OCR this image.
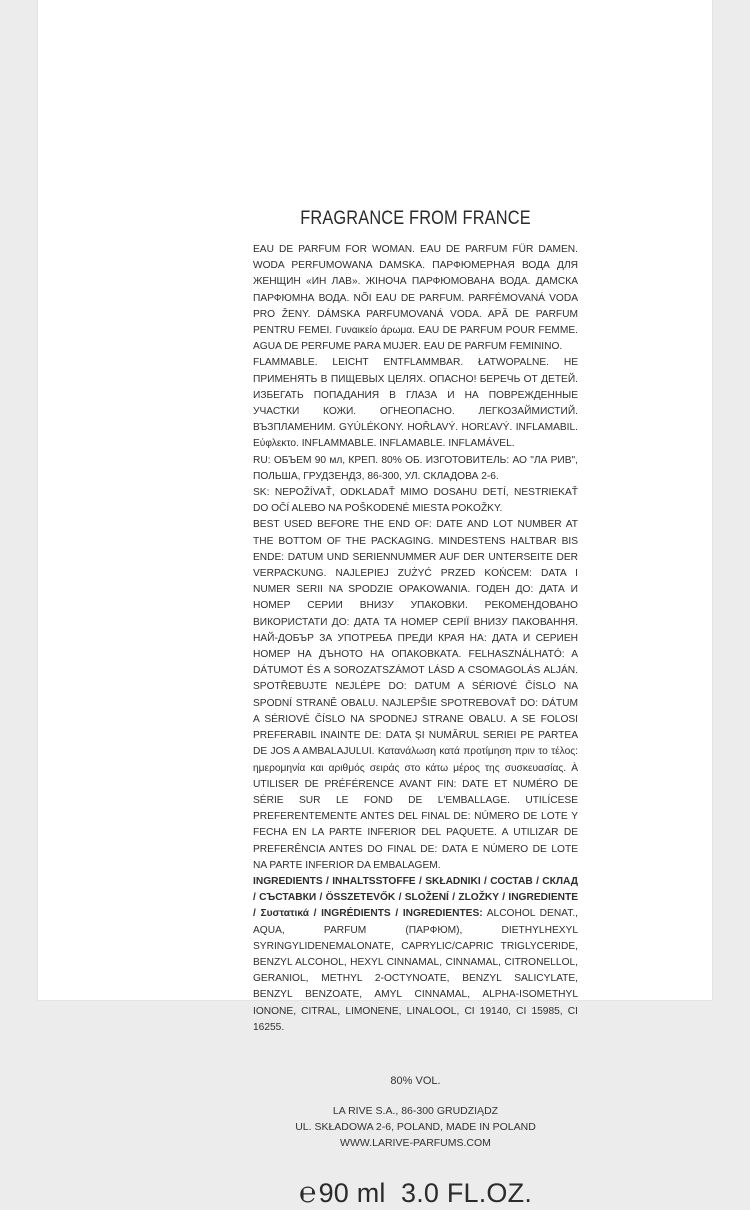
FRAGRANCE FROM FRANCE

EAU DE PARFUM FOR WOMAN. EAU DE PARFUM FÜR DAMEN. WODA PERFUMOWANA DAMSKA. ПАРФЮМЕРНАЯ ВОДА ДЛЯ ЖЕНЩИН «ИН ЛАВ». ЖІНОЧА ПАРФЮМОВАНА ВОДА. ДАМСКА ПАРФЮМНА ВОДА. NÕI EAU DE PARFUM. PARFÉMOVANÁ VODA PRO ŽENY. DÁMSKA PARFUMOVANÁ VODA. APĂ DE PARFUM PENTRU FEMEI. Γυναικείο άρωμα. EAU DE PARFUM POUR FEMME. AGUA DE PERFUME PARA MUJER. EAU DE PARFUM FEMININO.

FLAMMABLE. LEICHT ENTFLAMMBAR. ŁATWOPALNE. НЕ ПРИМЕНЯТЬ В ПИЩЕВЫХ ЦЕЛЯХ. ОПАСНО! БЕРЕЧЬ ОТ ДЕТЕЙ. ИЗБЕГАТЬ ПОПАДАНИЯ В ГЛАЗА И НА ПОВРЕЖДЕННЫЕ УЧАСТКИ КОЖИ. ОГНЕОПАСНО. ЛЕГКОЗАЙМИСТИЙ. ВЪЗПЛАМЕНИМ. GYÚLÉKONY. HOŘLAVÝ. HORĽAVÝ. INFLAMABIL. Εύφλεκτο. INFLAMMABLE. INFLAMABLE. INFLAMÁVEL.

RU: ОБЪЕМ 90 мл, КРЕП. 80% ОБ. ИЗГОТОВИТЕЛЬ: АО "ЛА РИВ", ПОЛЬША, ГРУДЗЕНДЗ, 86-300, УЛ. СКЛАДОВА 2-6.

SK: NEPOŽÍVAŤ, ODKLADAŤ MIMO DOSAHU DETÍ, NESTRIEKAŤ DO OČÍ ALEBO NA POŠKODENÉ MIESTA POKOŽKY.

BEST USED BEFORE THE END OF: DATE AND LOT NUMBER AT THE BOTTOM OF THE PACKAGING. MINDESTENS HALTBAR BIS ENDE: DATUM UND SERIENNUMMER AUF DER UNTERSEITE DER VERPACKUNG. NAJLEPIEJ ZUŻYĆ PRZED KOŃCEM: DATA I NUMER SERII NA SPODZIE OPAKOWANIA. ГОДЕН ДО: ДАТА И НОМЕР СЕРИИ ВНИЗУ УПАКОВКИ. РЕКОМЕНДОВАНО ВИКОРИСТАТИ ДО: ДАТА ТА НОМЕР СЕРІЇ ВНИЗУ ПАКОВАННЯ. НАЙ-ДОБЪР ЗА УПОТРЕБА ПРЕДИ КРАЯ НА: ДАТА И СЕРИЕН НОМЕР НА ДЪНОТО НА ОПАКОВКАТА. FELHASZNÁLHATÓ: A DÁTUMOT ÉS A SOROZATSZÁMOT LÁSD A CSOMAGOLÁS ALJÁN. SPOTŘEBUJTE NEJLÉPE DO: DATUM A SÉRIOVÉ ČÍSLO NA SPODNÍ STRANĚ OBALU. NAJLEPŠIE SPOTREBOVAŤ DO: DÁTUM A SÉRIOVÉ ČÍSLO NA SPODNEJ STRANE OBALU. A SE FOLOSI PREFERABIL INAINTE DE: DATA ȘI NUMĂRUL SERIEI PE PARTEA DE JOS A AMBALAJULUI. Κατανάλωση κατά προτίμηση πριν το τέλος: ημερομηνία και αριθμός σειράς στο κάτω μέρος της συσκευασίας. À UTILISER DE PRÉFÉRENCE AVANT FIN: DATE ET NUMÉRO DE SÉRIE SUR LE FOND DE L'EMBALLAGE. UTILÍCESE PREFERENTEMENTE ANTES DEL FINAL DE: NÚMERO DE LOTE Y FECHA EN LA PARTE INFERIOR DEL PAQUETE. A UTILIZAR DE PREFERÊNCIA ANTES DO FINAL DE: DATA E NÚMERO DE LOTE NA PARTE INFERIOR DA EMBALAGEM.

INGREDIENTS / INHALTSSTOFFE / SKŁADNIKI / СОСТАВ / СКЛАД / СЪСТАВКИ / ÖSSZETEVŐK / SLOŽENÍ / ZLOŽKY / INGREDIENTE / Συστατικά / INGRÉDIENTS / INGREDIENTES: ALCOHOL DENAT., AQUA, PARFUM (ПАРФЮМ), DIETHYLHEXYL SYRINGYLIDENEMALONATE, CAPRYLIC/CAPRIC TRIGLYCERIDE, BENZYL ALCOHOL, HEXYL CINNAMAL, CINNAMAL, CITRONELLOL, GERANIOL, METHYL 2-OCTYNOATE, BENZYL SALICYLATE, BENZYL BENZOATE, AMYL CINNAMAL, ALPHA-ISOMETHYL IONONE, CITRAL, LIMONENE, LINALOOL, CI 19140, CI 15985, CI 16255.

80% VOL.
LA RIVE S.A., 86-300 GRUDZIĄDZ
UL. SKŁADOWA 2-6, POLAND, MADE IN POLAND
WWW.LARIVE-PARFUMS.COM
℮90 ml  3.0 FL.OZ.
